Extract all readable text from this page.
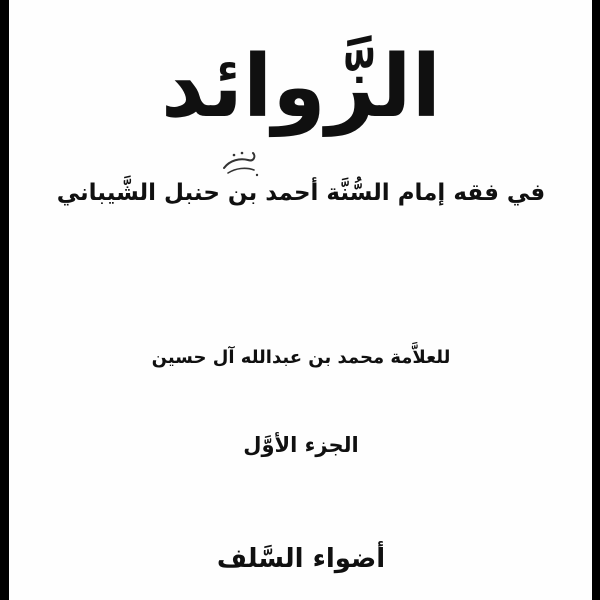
الزَّوائد
في فقه إمام السُّنَّة أحمد بن حنبل الشَّيباني
للعلاَّمة محمد بن عبدالله آل حسين
الجزء الأوَّل
أضواء السَّلف
